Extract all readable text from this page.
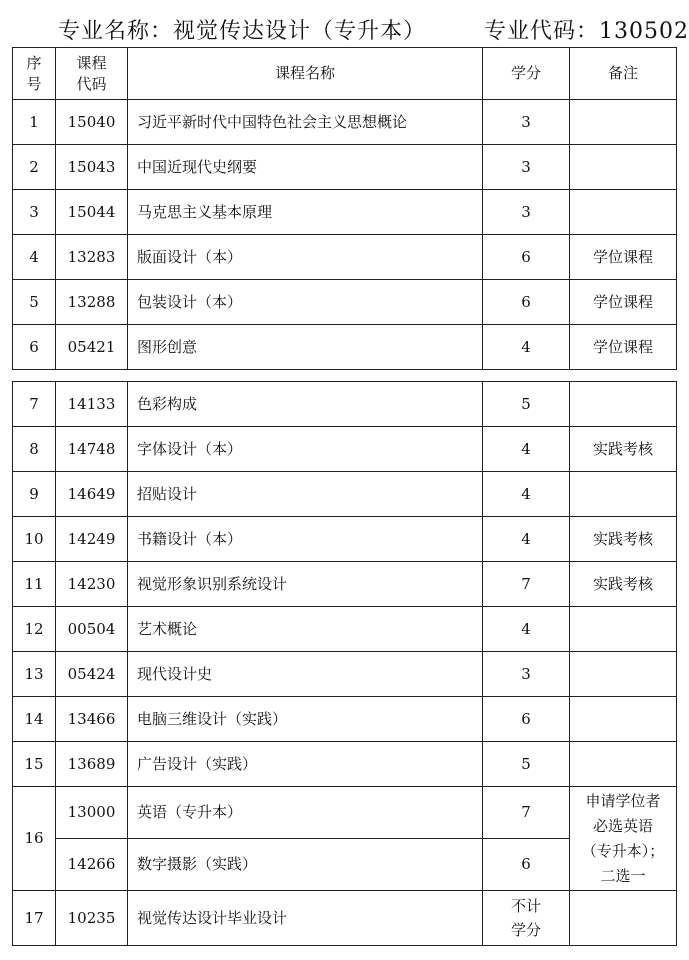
专业名称：视觉传达设计（专升本）	专业代码：130502
序号	课程代码	课程名称	学分	备注
1	15040	习近平新时代中国特色社会主义思想概论	3	
2	15043	中国近现代史纲要	3	
3	15044	马克思主义基本原理	3	
4	13283	版面设计（本）	6	学位课程
5	13288	包装设计（本）	6	学位课程
6	05421	图形创意	4	学位课程
7	14133	色彩构成	5	
8	14748	字体设计（本）	4	实践考核
9	14649	招贴设计	4	
10	14249	书籍设计（本）	4	实践考核
11	14230	视觉形象识别系统设计	7	实践考核
12	00504	艺术概论	4	
13	05424	现代设计史	3	
14	13466	电脑三维设计（实践）	6	
15	13689	广告设计（实践）	5	
16	13000	英语（专升本）	7	申请学位者必选英语（专升本）；二选一

	14266	数字摄影（实践）	6	
17	10235	视觉传达设计毕业设计	不计学分	
